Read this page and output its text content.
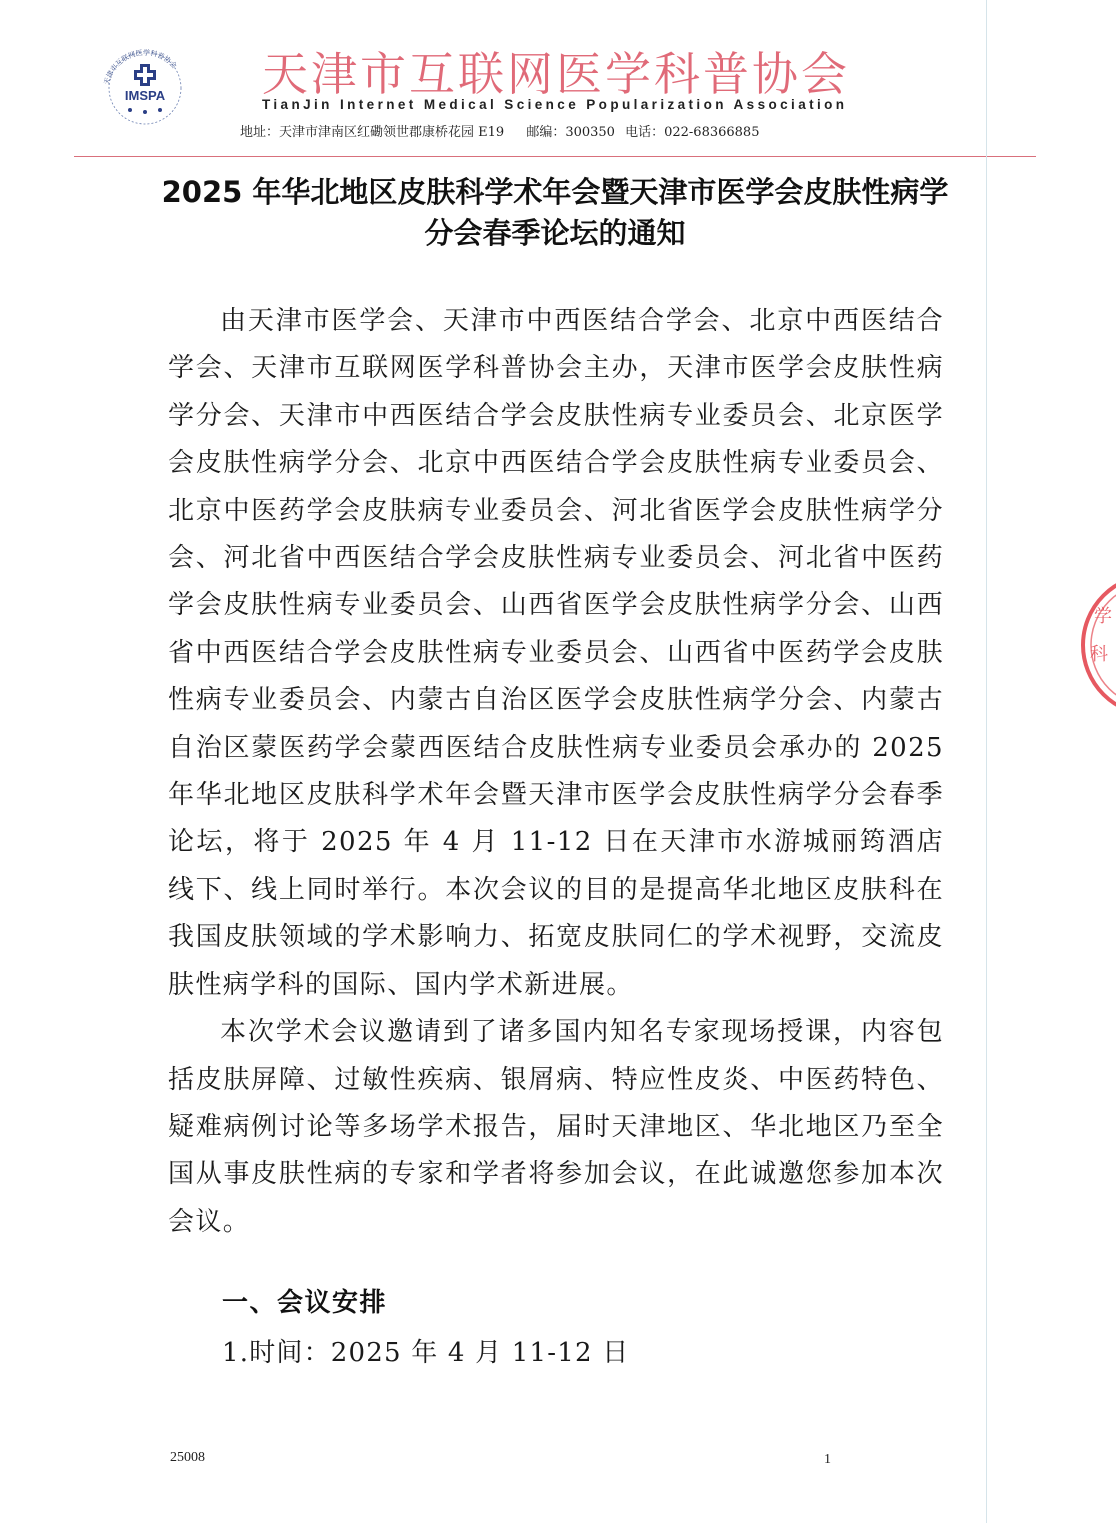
天津市互联网医学科普协会
IMSPA 天津市互联网医学科普协会
TianJin Internet Medical Science Popularization Association
地址：天津市津南区红磡领世郡康桥花园 E19 邮编：300350 电话：022-68366885
2025 年华北地区皮肤科学术年会暨天津市医学会皮肤性病学分会春季论坛的通知

由天津市医学会、天津市中西医结合学会、北京中西医结合学会、天津市互联网医学科普协会主办，天津市医学会皮肤性病学分会、天津市中西医结合学会皮肤性病专业委员会、北京医学会皮肤性病学分会、北京中西医结合学会皮肤性病专业委员会、北京中医药学会皮肤病专业委员会、河北省医学会皮肤性病学分会、河北省中西医结合学会皮肤性病专业委员会、河北省中医药学会皮肤性病专业委员会、山西省医学会皮肤性病学分会、山西省中西医结合学会皮肤性病专业委员会、山西省中医药学会皮肤性病专业委员会、内蒙古自治区医学会皮肤性病学分会、内蒙古自治区蒙医药学会蒙西医结合皮肤性病专业委员会承办的 2025 年华北地区皮肤科学术年会暨天津市医学会皮肤性病学分会春季论坛，将于 2025 年 4 月 11-12 日在天津市水游城丽筠酒店线下、线上同时举行。本次会议的目的是提高华北地区皮肤科在我国皮肤领域的学术影响力、拓宽皮肤同仁的学术视野，交流皮肤性病学科的国际、国内学术新进展。

本次学术会议邀请到了诸多国内知名专家现场授课，内容包括皮肤屏障、过敏性疾病、银屑病、特应性皮炎、中医药特色、疑难病例讨论等多场学术报告，届时天津地区、华北地区乃至全国从事皮肤性病的专家和学者将参加会议，在此诚邀您参加本次会议。

一、会议安排
1.时间：2025 年 4 月 11-12 日
25008	1
学
科
